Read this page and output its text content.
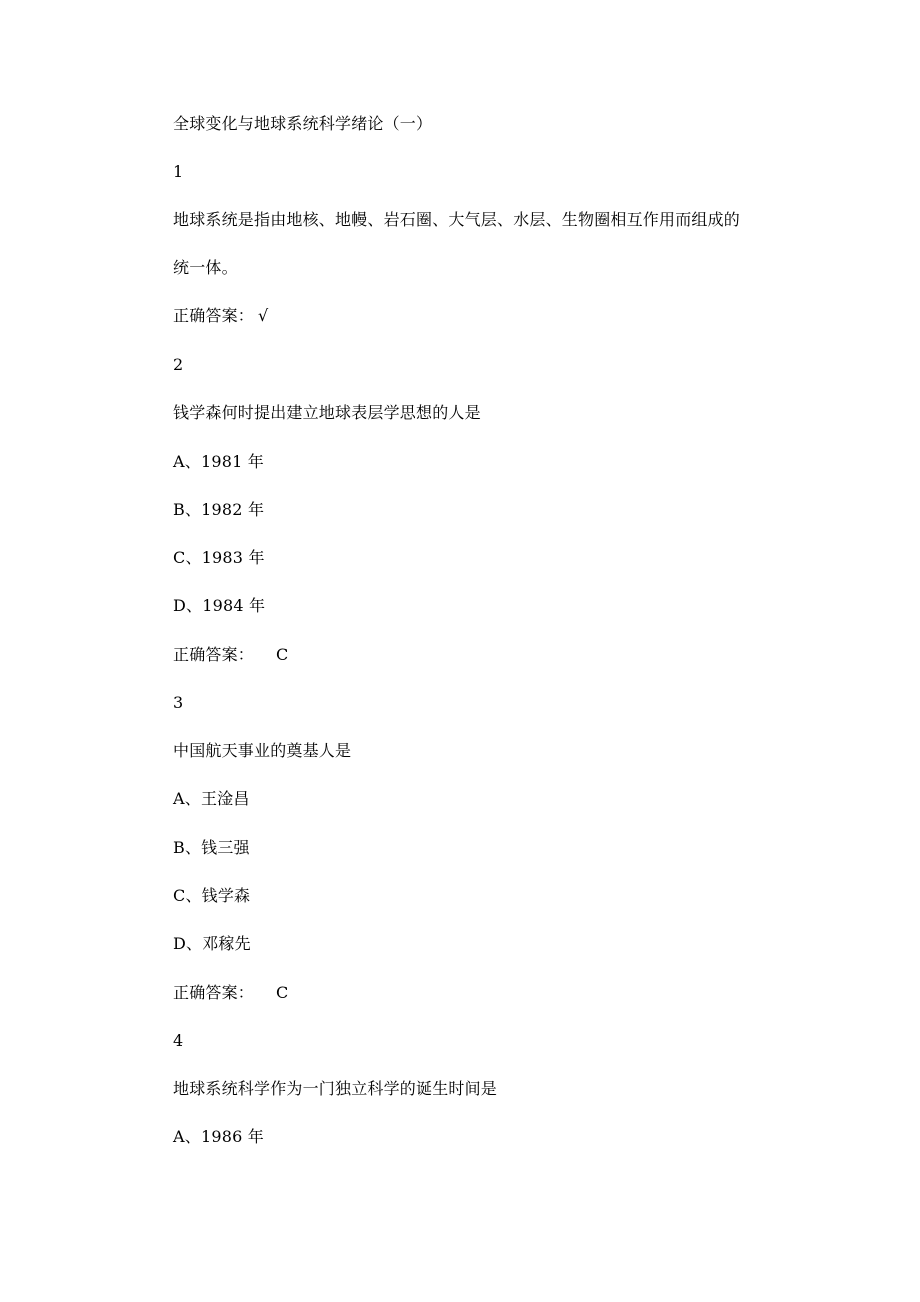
全球变化与地球系统科学绪论（一）
1
地球系统是指由地核、地幔、岩石圈、大气层、水层、生物圈相互作用而组成的
统一体。
正确答案： √
2
钱学森何时提出建立地球表层学思想的人是
A、1981 年
B、1982 年
C、1983 年
D、1984 年
正确答案： C
3
中国航天事业的奠基人是
A、王淦昌
B、钱三强
C、钱学森
D、邓稼先
正确答案： C
4
地球系统科学作为一门独立科学的诞生时间是
A、1986 年
